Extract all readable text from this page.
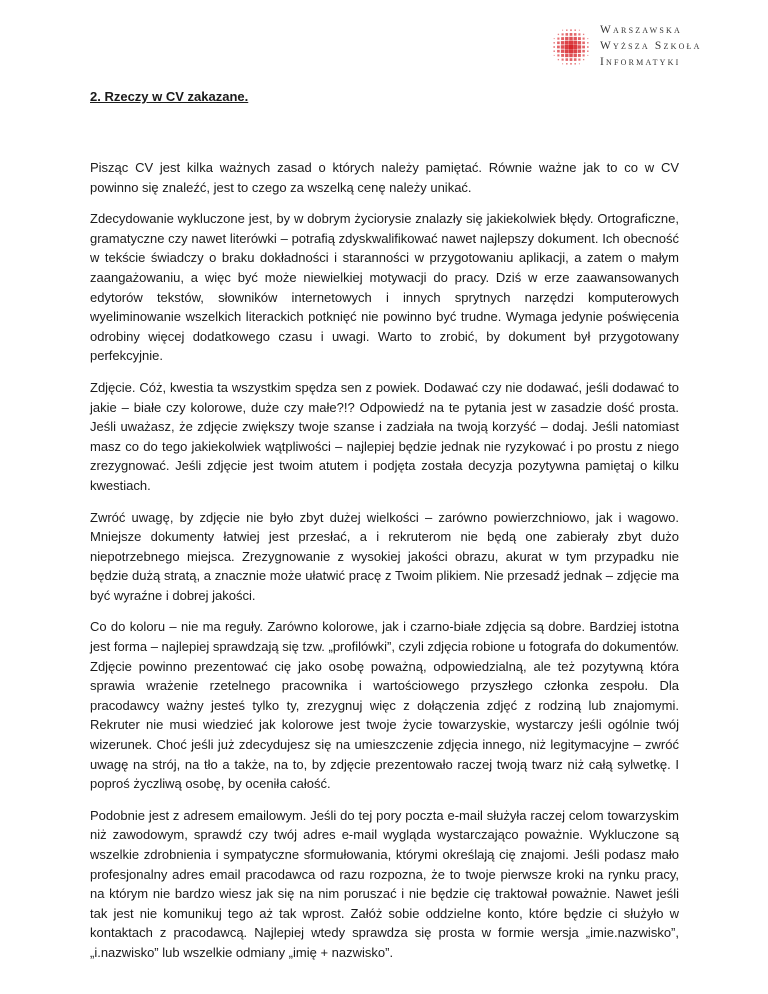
Warszawska
Wyższa Szkoła
Informatyki
2. Rzeczy w CV zakazane.

Pisząc CV jest kilka ważnych zasad o których należy pamiętać. Równie ważne jak to co w CV powinno się znaleźć, jest to czego za wszelką cenę należy unikać.

Zdecydowanie wykluczone jest, by w dobrym życiorysie znalazły się jakiekolwiek błędy. Ortograficzne, gramatyczne czy nawet literówki – potrafią zdyskwalifikować nawet najlepszy dokument. Ich obecność w tekście świadczy o braku dokładności i staranności w przygotowaniu aplikacji, a zatem o małym zaangażowaniu, a więc być może niewielkiej motywacji do pracy. Dziś w erze zaawansowanych edytorów tekstów, słowników internetowych i innych sprytnych narzędzi komputerowych wyeliminowanie wszelkich literackich potknięć nie powinno być trudne. Wymaga jedynie poświęcenia odrobiny więcej dodatkowego czasu i uwagi. Warto to zrobić, by dokument był przygotowany perfekcyjnie.

Zdjęcie. Cóż, kwestia ta wszystkim spędza sen z powiek. Dodawać czy nie dodawać, jeśli dodawać to jakie – białe czy kolorowe, duże czy małe?!? Odpowiedź na te pytania jest w zasadzie dość prosta. Jeśli uważasz, że zdjęcie zwiększy twoje szanse i zadziała na twoją korzyść – dodaj. Jeśli natomiast masz co do tego jakiekolwiek wątpliwości – najlepiej będzie jednak nie ryzykować i po prostu z niego zrezygnować. Jeśli zdjęcie jest twoim atutem i podjęta została decyzja pozytywna pamiętaj o kilku kwestiach.

Zwróć uwagę, by zdjęcie nie było zbyt dużej wielkości – zarówno powierzchniowo, jak i wagowo. Mniejsze dokumenty łatwiej jest przesłać, a i rekruterom nie będą one zabierały zbyt dużo niepotrzebnego miejsca. Zrezygnowanie z wysokiej jakości obrazu, akurat w tym przypadku nie będzie dużą stratą, a znacznie może ułatwić pracę z Twoim plikiem. Nie przesadź jednak – zdjęcie ma być wyraźne i dobrej jakości.

Co do koloru – nie ma reguły. Zarówno kolorowe, jak i czarno-białe zdjęcia są dobre. Bardziej istotna jest forma – najlepiej sprawdzają się tzw. „profilówki”, czyli zdjęcia robione u fotografa do dokumentów. Zdjęcie powinno prezentować cię jako osobę poważną, odpowiedzialną, ale też pozytywną która sprawia wrażenie rzetelnego pracownika i wartościowego przyszłego członka zespołu. Dla pracodawcy ważny jesteś tylko ty, zrezygnuj więc z dołączenia zdjęć z rodziną lub znajomymi. Rekruter nie musi wiedzieć jak kolorowe jest twoje życie towarzyskie, wystarczy jeśli ogólnie twój wizerunek. Choć jeśli już zdecydujesz się na umieszczenie zdjęcia innego, niż legitymacyjne – zwróć uwagę na strój, na tło a także, na to, by zdjęcie prezentowało raczej twoją twarz niż całą sylwetkę. I poproś życzliwą osobę, by oceniła całość.

Podobnie jest z adresem emailowym. Jeśli do tej pory poczta e-mail służyła raczej celom towarzyskim niż zawodowym, sprawdź czy twój adres e-mail wygląda wystarczająco poważnie. Wykluczone są wszelkie zdrobnienia i sympatyczne sformułowania, którymi określają cię znajomi. Jeśli podasz mało profesjonalny adres email pracodawca od razu rozpozna, że to twoje pierwsze kroki na rynku pracy, na którym nie bardzo wiesz jak się na nim poruszać i nie będzie cię traktował poważnie. Nawet jeśli tak jest nie komunikuj tego aż tak wprost. Załóż sobie oddzielne konto, które będzie ci służyło w kontaktach z pracodawcą. Najlepiej wtedy sprawdza się prosta w formie wersja „imie.nazwisko”, „i.nazwisko” lub wszelkie odmiany „imię + nazwisko”.
